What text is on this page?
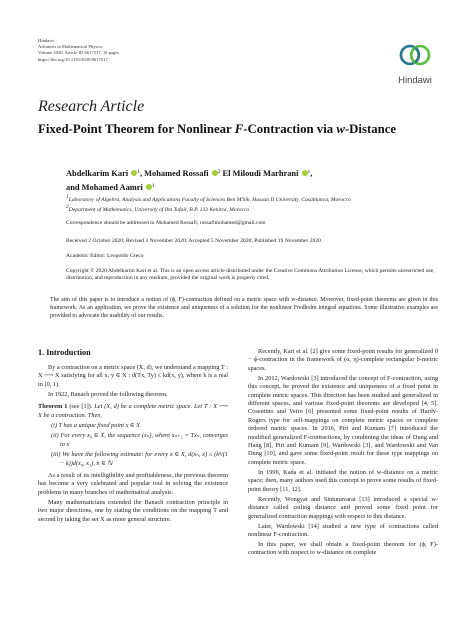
Hindawi
Advances in Mathematical Physics
Volume 2020, Article ID 6617517, 10 pages
https://doi.org/10.1155/2020/6617517
Hindawi
Research Article
Fixed-Point Theorem for Nonlinear F-Contraction via w-Distance
Abdelkarim Kari $^1$, Mohamed Rossafi $^2$ El Miloudi Marhrani $^1$,
and Mohamed Aamri $^1$
1Laboratory of Algebra, Analysis and Applications Faculty of Sciences Ben M'Sik, Hassan II University, Casablanca, Morocco
2Department of Mathematics, University of Ibn Tofail, B.P. 133 Kenitra, Morocco
Correspondence should be addressed to Mohamed Rossafi; rossafimohamed@gmail.com
Received 2 October 2020; Revised 3 November 2020; Accepted 5 November 2020; Published 19 November 2020
Academic Editor: Leopoldo Greco
Copyright © 2020 Abdelkarim Kari et al. This is an open access article distributed under the Creative Commons Attribution License, which permits unrestricted use, distribution, and reproduction in any medium, provided the original work is properly cited.
The aim of this paper is to introduce a notion of (ϕ, F)-contraction defined on a metric space with w-distance. Moreover, fixed-point theorems are given in this framework. As an application, we prove the existence and uniqueness of a solution for the nonlinear Fredholm integral equations. Some illustrative examples are provided to advocate the usability of our results.
1. Introduction

By a contraction on a metric space (X, d), we understand a mapping T : X ⟶ X satisfying for all x, y ∈ X : d(Tx, Ty) ≤ kd(x, y), where k is a real in [0, 1).

In 1922, Banach proved the following theorem.

Theorem 1 (see [1]). Let (X, d) be a complete metric space. Let T : X ⟶ X be a contraction. Then,

(i) T has a unique fixed point x ∈ X
(ii) For every x₀ ∈ X, the sequence (xₙ), where xₙ₊₁ = Txₙ, converges to x
(iii) We have the following estimate: for every x ∈ X, d(xₙ, x) ≤ (kⁿ/(1 − k))d(x₀, x₁), n ∈ ℕ

As a result of its intelligibility and profitableness, the previous theorem has become a very celebrated and popular tool in solving the existence problems in many branches of mathematical analysis.

Many mathematicians extended the Banach contraction principle in two major directions, one by stating the conditions on the mapping T and second by taking the set X as more general structure.

Recently, Kari et al. [2] give some fixed-point results for generalized θ − ϕ-contraction in the framework of (α, η)-complete rectangular b-metric spaces.

In 2012, Wardowski [3] introduced the concept of F-contraction, using this concept, he proved the existence and uniqueness of a fixed point in complete metric spaces. This direction has been studied and generalized in different spaces, and various fixed-point theorems are developed [4, 5]. Cosentino and Vetro [6] presented some fixed-point results of Hardy-Rogers type for self-mappings on complete metric spaces or complete ordered metric spaces. In 2016, Piri and Kumam [7] introduced the modified generalized F-contractions, by combining the ideas of Dung and Hang [8], Piri and Kumam [9], Wardowski [3], and Wardowski and Van Dung [10], and gave some fixed-point result for these type mappings on complete metric space.

In 1996, Kada et al. initiated the notion of w-distance on a metric space; then, many authors used this concept to prove some results of fixed-point theory [11, 12].

Recently, Wongyat and Sintunavarat [13] introduced a special w-distance called ceiling distance and proved some fixed point for generalized contraction mappings with respect to this distance.

Later, Wardowski [14] studied a new type of contractions called nonlinear F-contraction.

In this paper, we shall obtain a fixed-point theorem for (ϕ, F)-contraction with respect to w-distance on complete
